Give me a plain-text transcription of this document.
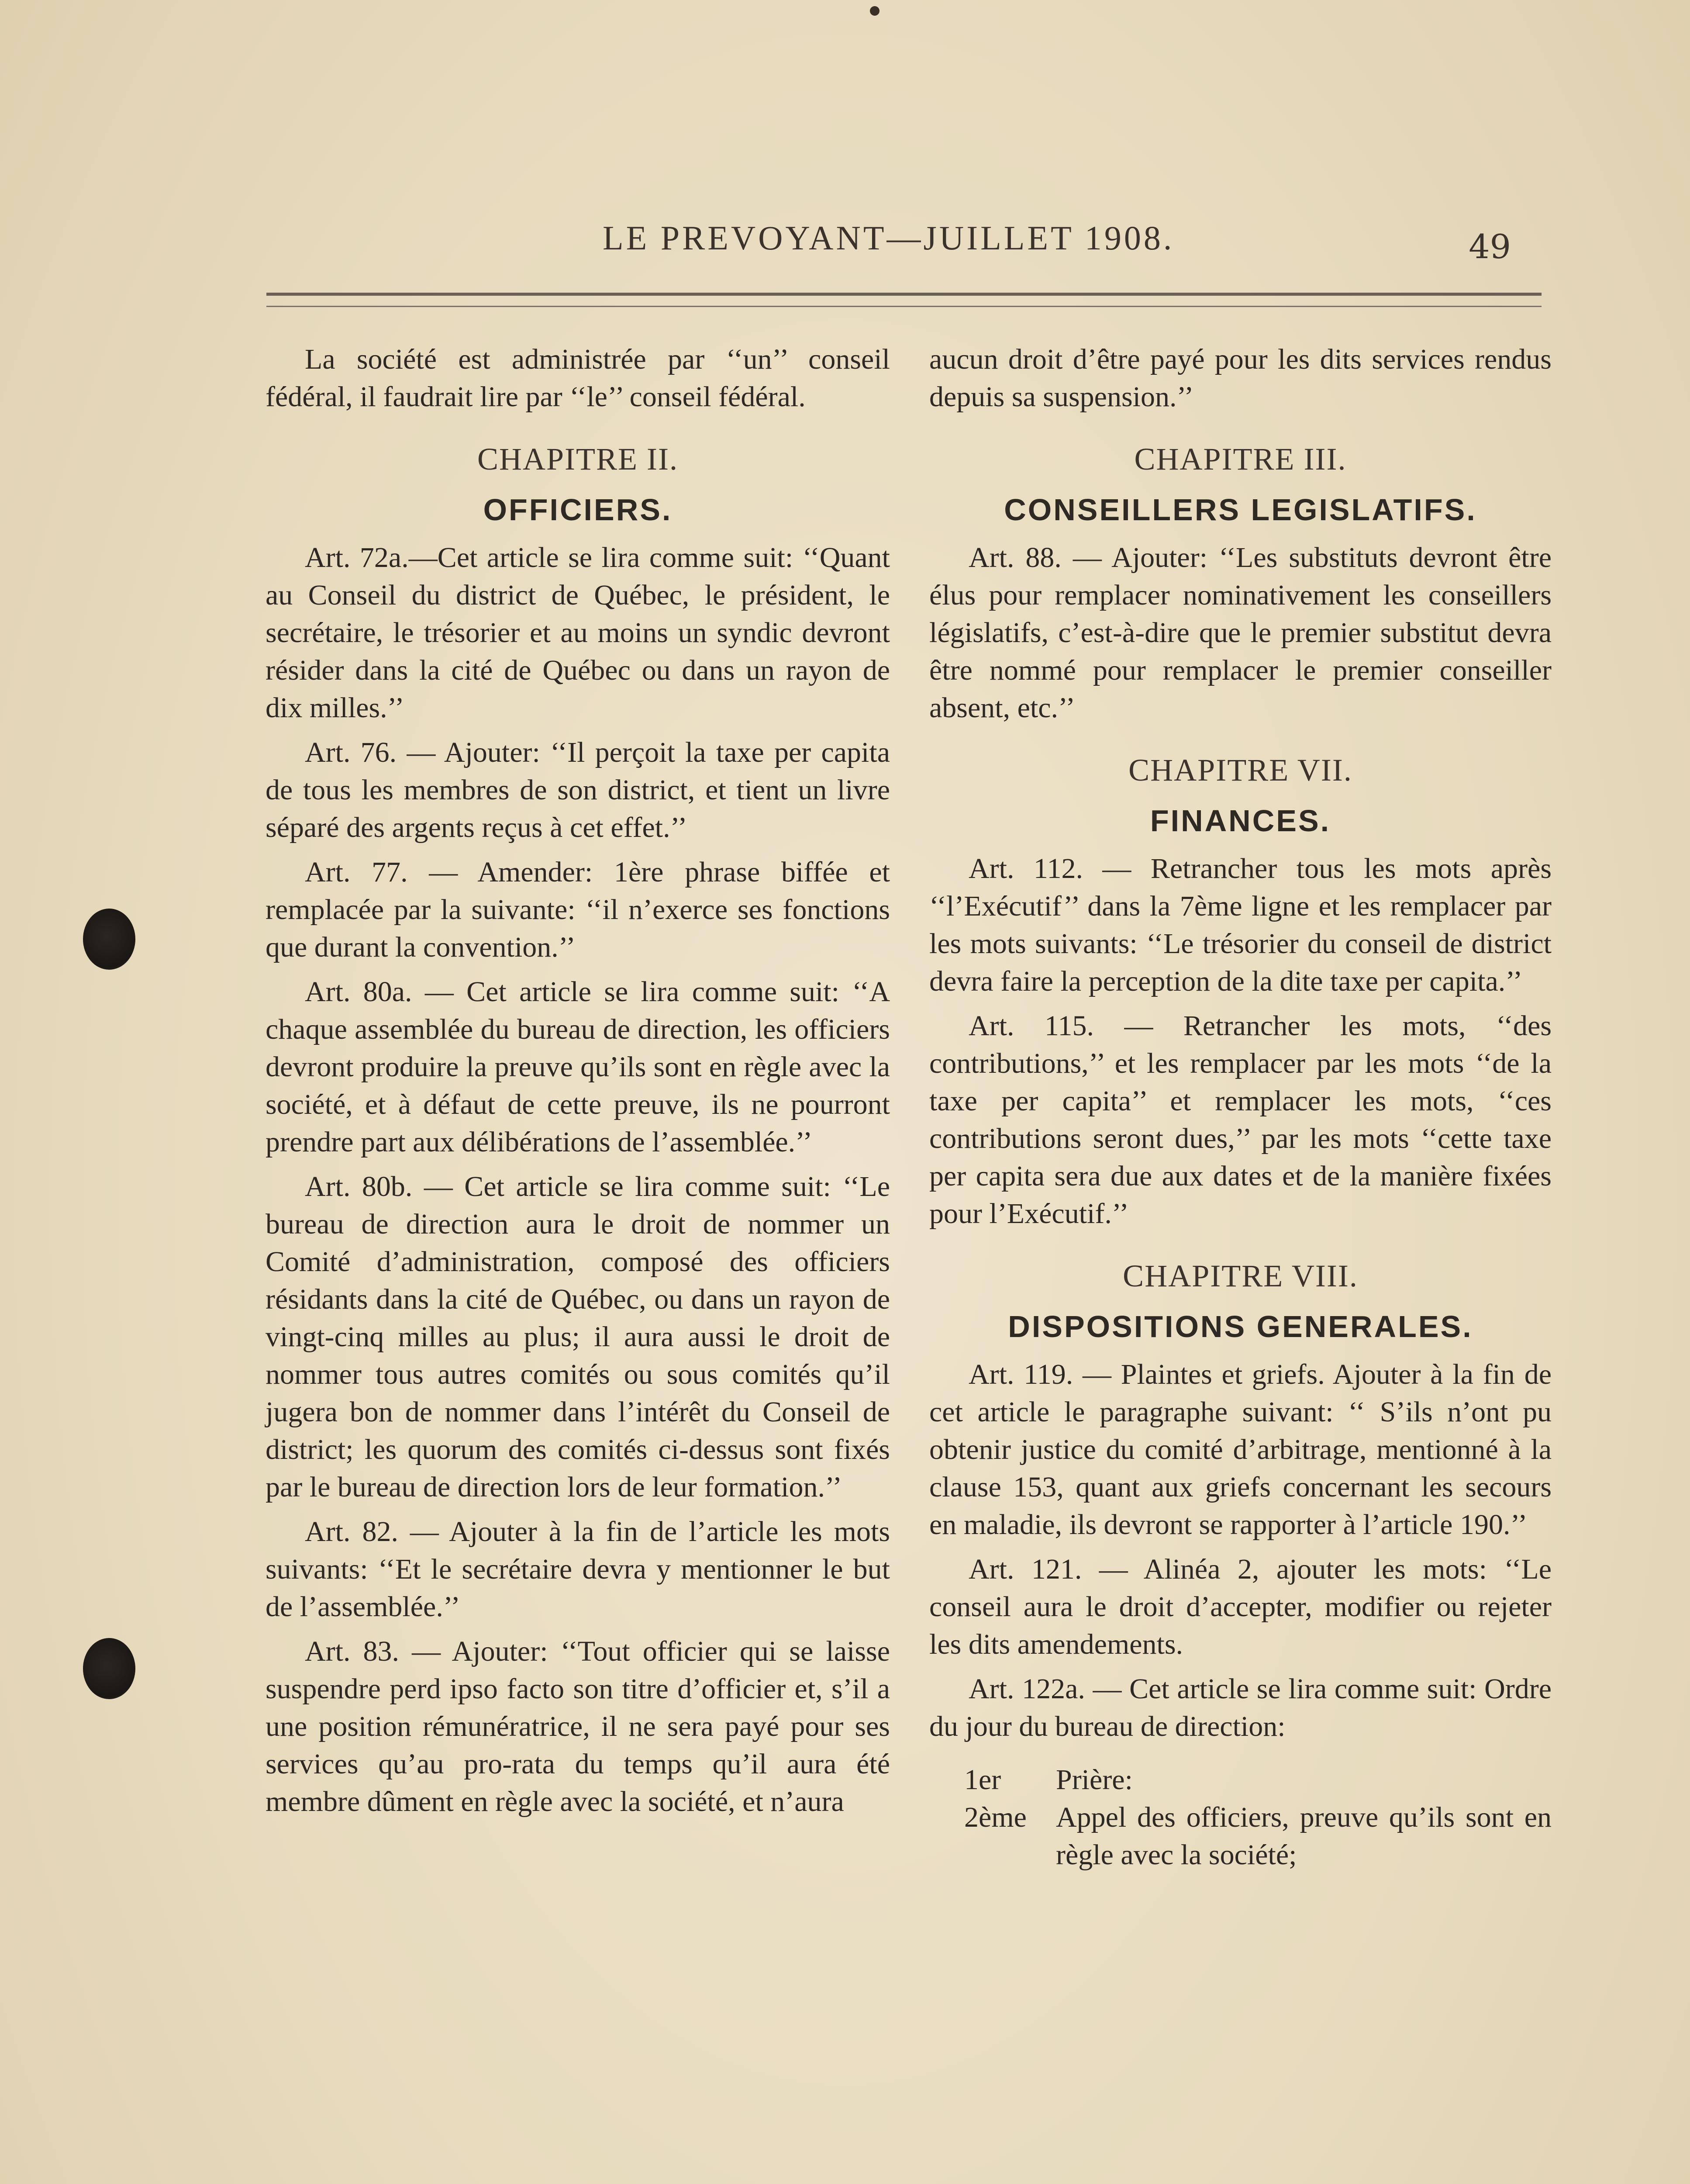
LE PREVOYANT—JUILLET 1908.	49

La société est administrée par ‘‘un’’ conseil fédéral, il faudrait lire par ‘‘le’’ conseil fédéral.

CHAPITRE II.
OFFICIERS.

Art. 72a.—Cet article se lira comme suit: ‘‘Quant au Conseil du district de Québec, le président, le secrétaire, le trésorier et au moins un syndic devront résider dans la cité de Québec ou dans un rayon de dix milles.’’

Art. 76. — Ajouter: ‘‘Il perçoit la taxe per capita de tous les membres de son district, et tient un livre séparé des argents reçus à cet effet.’’

Art. 77. — Amender: 1ère phrase biffée et remplacée par la suivante: ‘‘il n’exerce ses fonctions que durant la convention.’’

Art. 80a. — Cet article se lira comme suit: ‘‘A chaque assemblée du bureau de direction, les officiers devront produire la preuve qu’ils sont en règle avec la société, et à défaut de cette preuve, ils ne pourront prendre part aux délibérations de l’assemblée.’’

Art. 80b. — Cet article se lira comme suit: ‘‘Le bureau de direction aura le droit de nommer un Comité d’administration, composé des officiers résidants dans la cité de Québec, ou dans un rayon de vingt-cinq milles au plus; il aura aussi le droit de nommer tous autres comités ou sous comités qu’il jugera bon de nommer dans l’intérêt du Conseil de district; les quorum des comités ci-dessus sont fixés par le bureau de direction lors de leur formation.’’

Art. 82. — Ajouter à la fin de l’article les mots suivants: ‘‘Et le secrétaire devra y mentionner le but de l’assemblée.’’

Art. 83. — Ajouter: ‘‘Tout officier qui se laisse suspendre perd ipso facto son titre d’officier et, s’il a une position rémunératrice, il ne sera payé pour ses services qu’au pro-rata du temps qu’il aura été membre dûment en règle avec la société, et n’aura

aucun droit d’être payé pour les dits services rendus depuis sa suspension.’’

CHAPITRE III.
CONSEILLERS LEGISLATIFS.

Art. 88. — Ajouter: ‘‘Les substituts devront être élus pour remplacer nominativement les conseillers législatifs, c’est-à-dire que le premier substitut devra être nommé pour remplacer le premier conseiller absent, etc.’’

CHAPITRE VII.
FINANCES.

Art. 112. — Retrancher tous les mots après ‘‘l’Exécutif’’ dans la 7ème ligne et les remplacer par les mots suivants: ‘‘Le trésorier du conseil de district devra faire la perception de la dite taxe per capita.’’

Art. 115. — Retrancher les mots, ‘‘des contributions,’’ et les remplacer par les mots ‘‘de la taxe per capita’’ et remplacer les mots, ‘‘ces contributions seront dues,’’ par les mots ‘‘cette taxe per capita sera due aux dates et de la manière fixées pour l’Exécutif.’’

CHAPITRE VIII.
DISPOSITIONS GENERALES.

Art. 119. — Plaintes et griefs. Ajouter à la fin de cet article le paragraphe suivant: ‘‘ S’ils n’ont pu obtenir justice du comité d’arbitrage, mentionné à la clause 153, quant aux griefs concernant les secours en maladie, ils devront se rapporter à l’article 190.’’

Art. 121. — Alinéa 2, ajouter les mots: ‘‘Le conseil aura le droit d’accepter, modifier ou rejeter les dits amendements.

Art. 122a. — Cet article se lira comme suit: Ordre du jour du bureau de direction:

1er	Prière:
2ème	Appel des officiers, preuve qu’ils sont en règle avec la société;
